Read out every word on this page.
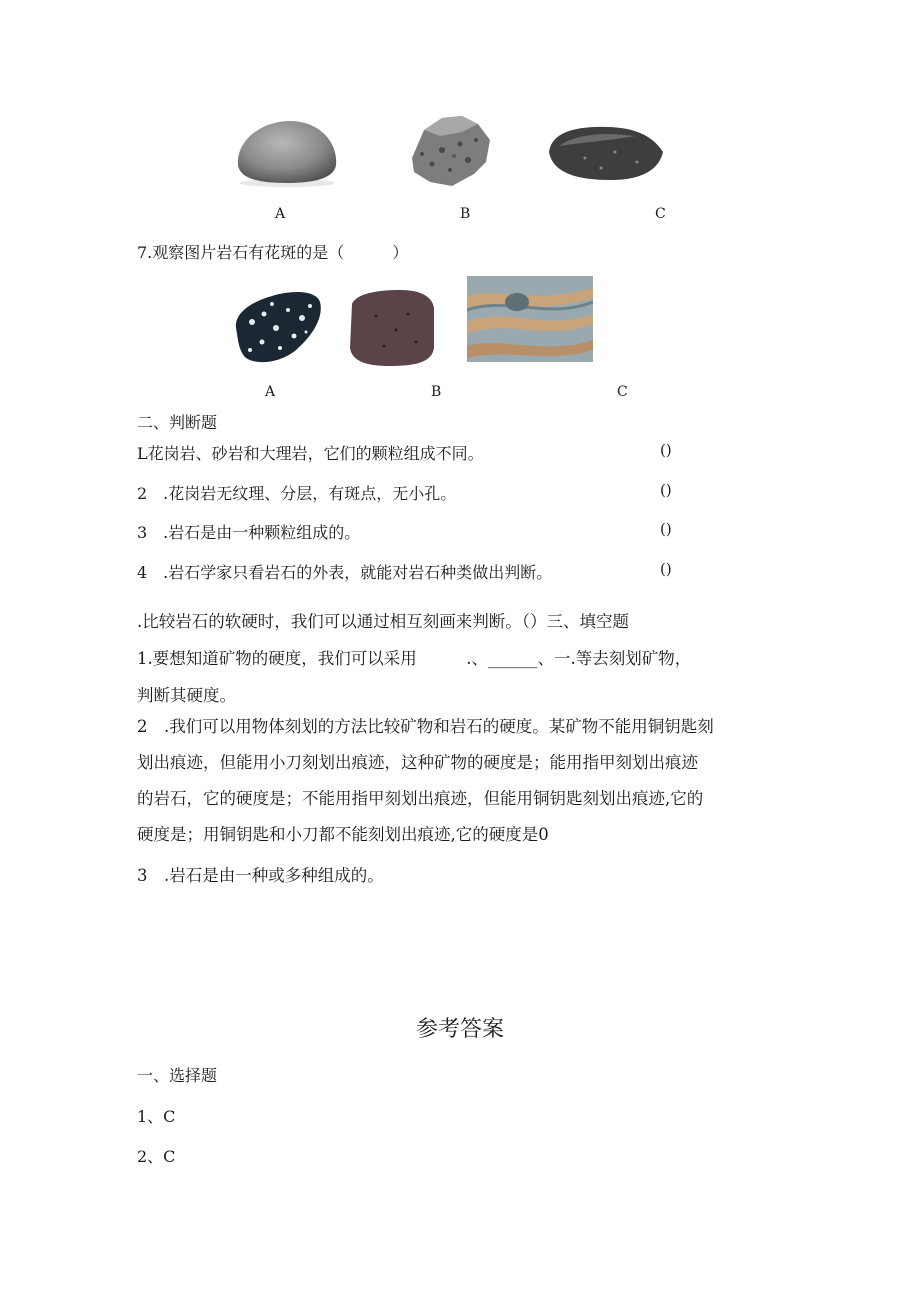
A	B	C
7.观察图片岩石有花斑的是（　　　）
A	B	C
二、判断题
L花岗岩、砂岩和大理岩，它们的颗粒组成不同。	()
2　.花岗岩无纹理、分层，有斑点，无小孔。	()
3　.岩石是由一种颗粒组成的。	()
4　.岩石学家只看岩石的外表，就能对岩石种类做出判断。	()
.比较岩石的软硬时，我们可以通过相互刻画来判断。（）三、填空题
1.要想知道矿物的硬度，我们可以采用　　　.、______、一.等去刻划矿物，
判断其硬度。
2　.我们可以用物体刻划的方法比较矿物和岩石的硬度。某矿物不能用铜钥匙刻
划出痕迹，但能用小刀刻划出痕迹，这种矿物的硬度是；能用指甲刻划出痕迹
的岩石，它的硬度是；不能用指甲刻划出痕迹，但能用铜钥匙刻划出痕迹,它的
硬度是；用铜钥匙和小刀都不能刻划出痕迹,它的硬度是0
3　.岩石是由一种或多种组成的。
参考答案
一、选择题
1、C
2、C
